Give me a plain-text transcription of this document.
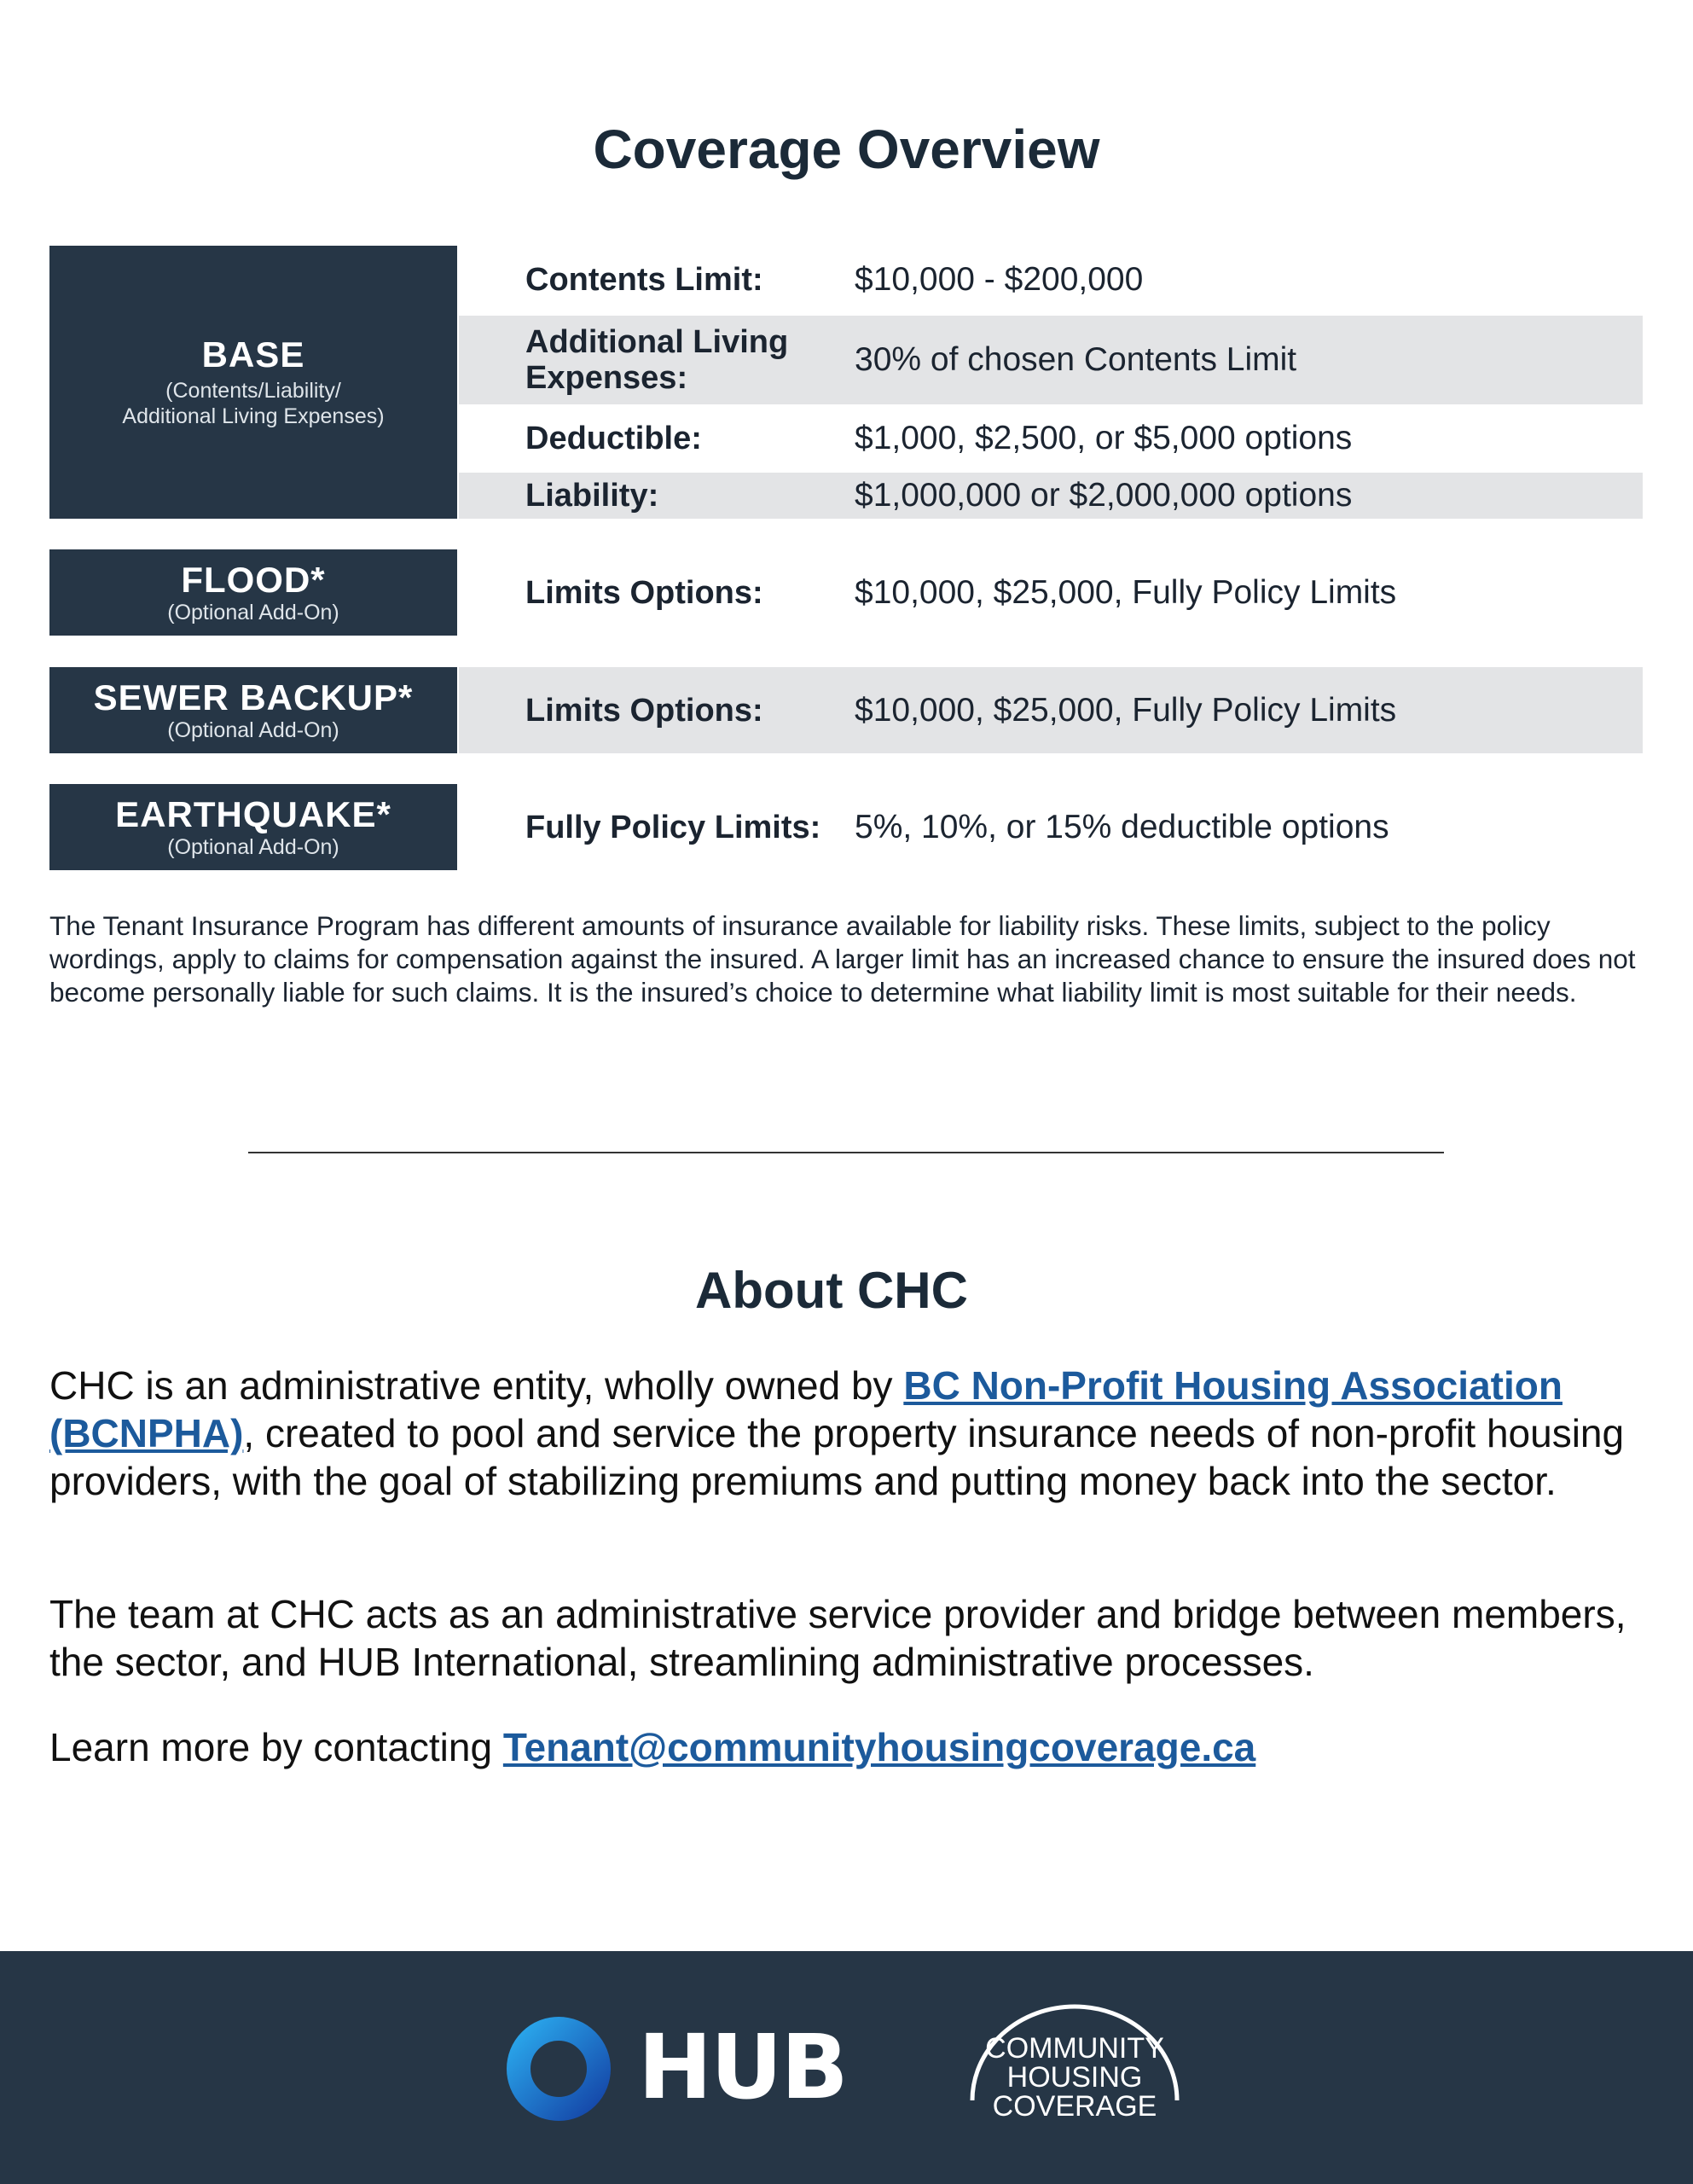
Coverage Overview
BASE
(Contents/Liability/
Additional Living Expenses)
Contents Limit:	$10,000 - $200,000
Additional Living
Expenses:	30% of chosen Contents Limit
Deductible:	$1,000, $2,500, or $5,000 options
Liability:	$1,000,000 or $2,000,000 options
FLOOD*
(Optional Add-On)
Limits Options:	$10,000, $25,000, Fully Policy Limits
SEWER BACKUP*
(Optional Add-On)
Limits Options:	$10,000, $25,000, Fully Policy Limits
EARTHQUAKE*
(Optional Add-On)
Fully Policy Limits:	5%, 10%, or 15% deductible options
The Tenant Insurance Program has different amounts of insurance available for liability risks. These limits, subject to the policy wordings, apply to claims for compensation against the insured. A larger limit has an increased chance to ensure the insured does not become personally liable for such claims. It is the insured’s choice to determine what liability limit is most suitable for their needs.
About CHC
CHC is an administrative entity, wholly owned by BC Non-Profit Housing Association (BCNPHA), created to pool and service the property insurance needs of non-profit housing providers, with the goal of stabilizing premiums and putting money back into the sector.
The team at CHC acts as an administrative service provider and bridge between members, the sector, and HUB International, streamlining administrative processes.
Learn more by contacting Tenant@communityhousingcoverage.ca
HUB	COMMUNITY
HOUSING
COVERAGE
